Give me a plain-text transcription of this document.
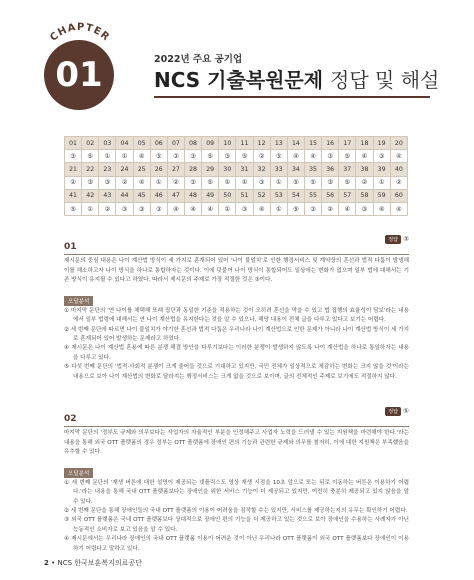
CHAPTER
01	2022년 주요 공기업
NCS 기출복원문제 정답 및 해설
01	02	03	04	05	06	07	08	09	10	11	12	13	14	15	16	17	18	19	20
③	⑤	①	①	④	⑤	③	③	⑤	③	⑤	②	⑤	④	④	③	⑤	④	③	④
21	22	23	24	25	26	27	28	29	30	31	32	33	34	35	36	37	38	39	40
②	③	③	②	④	①	②	③	⑤	①	①	③	①	⑤	⑤	③	⑤	②	①	②
41	42	43	44	45	46	47	48	49	50	51	52	53	54	55	56	57	58	59	60
⑤	①	②	③	③	③	④	④	④	①	③	④	①	⑤	③	②	④	③	④	④
01
정답 ③

제시문의 중심 내용은 나이 계산법 방식이 세 가지로 혼재되어 있어 '나이 불일치'로 인한 행정서비스 및 계약상의 혼선과 법적 다툼이 발생해 이를 해소하고자 나이 방식을 하나로 통합하자는 것이다. 이에 덧붙여 나이 방식이 통합되어도 일상에는 변화가 없으며 일부 법에 대해서는 기존 방식이 유지될 수 있다고 하였다. 따라서 제시문의 주제로 가장 적절한 것은 ③이다.

오답분석

① 마지막 문단의 '연 나이를 채택해 또래 집단과 동일한 기준을 적용하는 것이 오히려 혼선을 막을 수 있고 법 집행의 효율성이 담보'라는 내용에서 일부 법령에 대해서는 연 나이 계산법을 유지한다는 것을 알 수 있으나, 해당 내용이 전체 글을 다루고 있다고 보기는 어렵다.

② 세 번째 문단에 따르면 나이 불일치가 야기한 혼선과 법적 다툼은 우리나라 나이 계산법으로 인한 문제가 아니라 나이 계산법 방식이 세 가지로 혼재되어 있어 발생하는 문제라고 하였다.

④ 제시문은 나이 계산법 혼용에 따른 분쟁 해결 방안을 다루기보다는 이러한 분쟁이 발생하지 않도록 나이 계산법을 하나로 통일하자는 내용을 다루고 있다.

⑤ 다섯 번째 문단의 '법적·사회적 분쟁이 크게 줄어들 것으로 기대하고 있지만, 국민 전체가 일상적으로 체감하는 변화는 크지 않을 것'이라는 내용으로 보아 나이 계산법의 변화로 달라지는 행정서비스는 크게 없을 것으로 보이며, 글의 전체적인 주제로 보기에도 적절하지 않다.

02
정답 ⑤

마지막 문단의 '정부도 규제와 의무보다는 사업자의 자율적인 부분을 인정해주고 사업자 노력을 드러낼 수 있는 지원책을 마련해야 한다.'라는 내용을 통해 외국 OTT 플랫폼의 경우 정부는 OTT 플랫폼에 장애인 편의 기능과 관련한 규제와 의무를 철저히, 이에 대한 지원책은 부족했음을 유추할 수 있다.

오답분석

① 세 번째 문단의 '재생 버튼에 대한 설명이 제공되는 넷플릭스도 영상 재생 시점을 10초 앞으로 또는 뒤로 이동하는 버튼은 이용하기 어렵다.'라는 내용을 통해 국내 OTT 플랫폼보다는 장애인을 위한 서비스 기능이 더 제공되고 있지만, 여전히 충분히 제공되고 있지 않음을 알 수 있다.

② 세 번째 문단을 통해 장애인들의 국내 OTT 플랫폼의 이용이 어려움을 짐작할 수는 있지만, 서비스를 제공하는지의 유무는 확인하기 어렵다.

③ 외국 OTT 플랫폼은 국내 OTT 플랫폼보다 상대적으로 장애인 편의 기능을 더 제공하고 있는 것으로 보아 장애인을 수용하는 사례자가 아닌 능동적인 소비자로 보고 있음을 알 수 있다.

④ 제시문에서는 우리나라 장애인의 국내 OTT 플랫폼 이용이 어려운 것이 아닌 우리나라 OTT 플랫폼이 외국 OTT 플랫폼보다 장애인이 이용하기 어렵다고 말하고 있다.

2 • NCS 한국보훈복지의료공단
